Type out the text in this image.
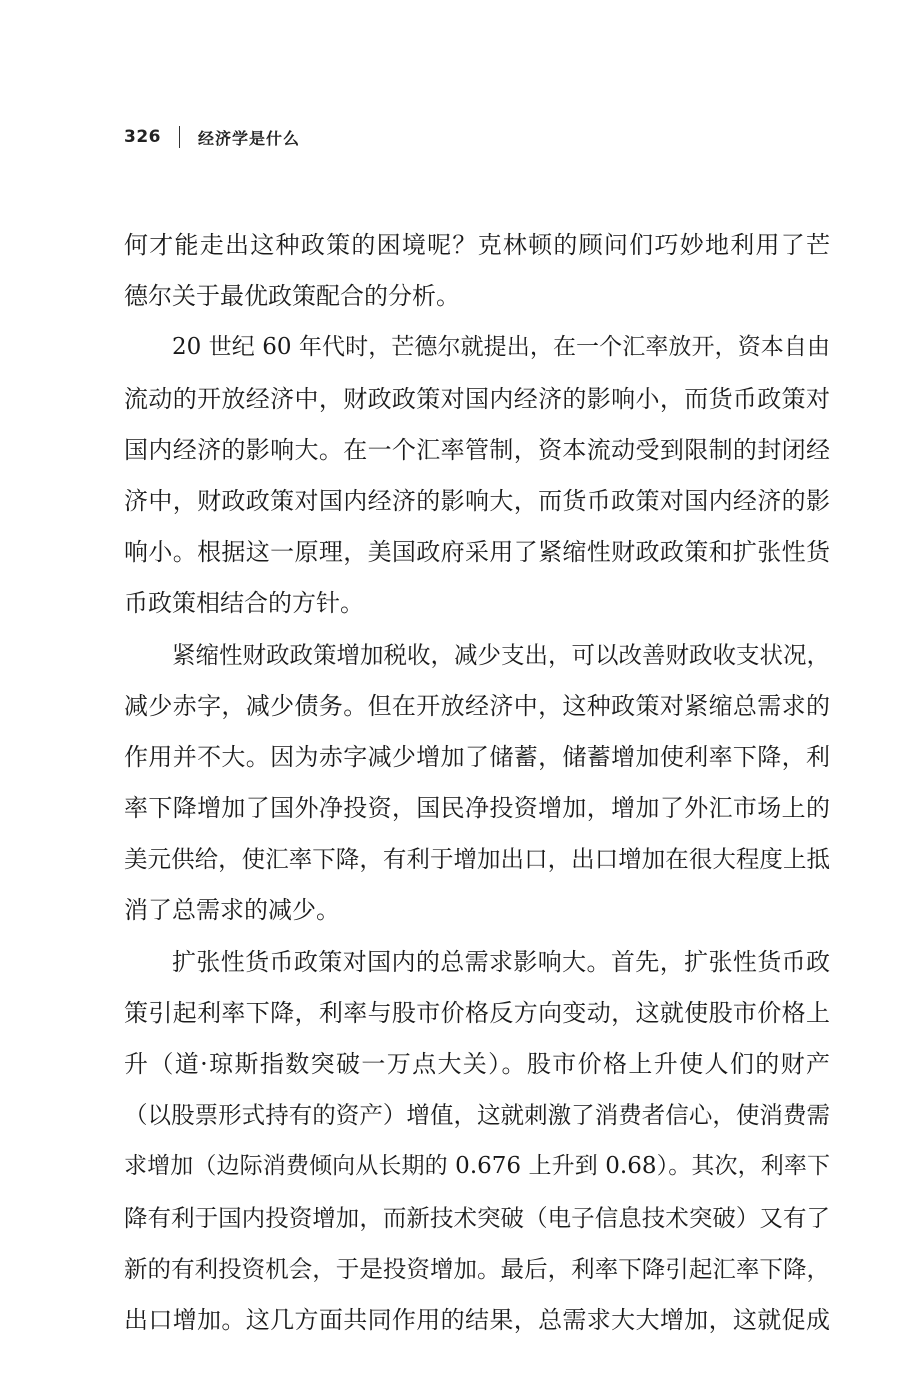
326 经济学是什么
何才能走出这种政策的困境呢？克林顿的顾问们巧妙地利用了芒
德尔关于最优政策配合的分析。
20 世纪 60 年代时，芒德尔就提出，在一个汇率放开，资本自由
流动的开放经济中，财政政策对国内经济的影响小，而货币政策对
国内经济的影响大。在一个汇率管制，资本流动受到限制的封闭经
济中，财政政策对国内经济的影响大，而货币政策对国内经济的影
响小。根据这一原理，美国政府采用了紧缩性财政政策和扩张性货
币政策相结合的方针。
紧缩性财政政策增加税收，减少支出，可以改善财政收支状况，
减少赤字，减少债务。但在开放经济中，这种政策对紧缩总需求的
作用并不大。因为赤字减少增加了储蓄，储蓄增加使利率下降，利
率下降增加了国外净投资，国民净投资增加，增加了外汇市场上的
美元供给，使汇率下降，有利于增加出口，出口增加在很大程度上抵
消了总需求的减少。
扩张性货币政策对国内的总需求影响大。首先，扩张性货币政
策引起利率下降，利率与股市价格反方向变动，这就使股市价格上
升（道·琼斯指数突破一万点大关）。股市价格上升使人们的财产
（以股票形式持有的资产）增值，这就刺激了消费者信心，使消费需
求增加（边际消费倾向从长期的 0.676 上升到 0.68）。其次，利率下
降有利于国内投资增加，而新技术突破（电子信息技术突破）又有了
新的有利投资机会，于是投资增加。最后，利率下降引起汇率下降，
出口增加。这几方面共同作用的结果，总需求大大增加，这就促成
